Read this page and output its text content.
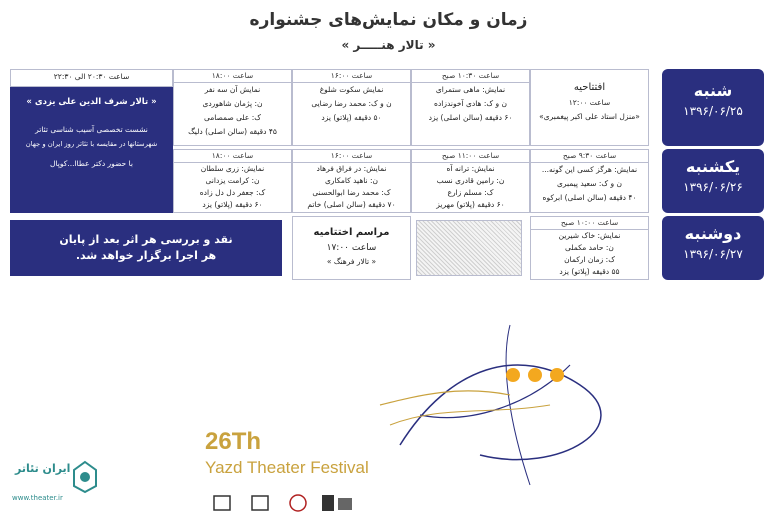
زمان و مکان نمایش‌های جشنواره
« تالار هنـــــر »
شنبه
۱۳۹۶/۰۶/۲۵
یکشنبه
۱۳۹۶/۰۶/۲۶
دوشنبه
۱۳۹۶/۰۶/۲۷
افتتاحیه
ساعت ۱۲:۰۰
«منزل استاد علی اکبر پیغمبری»
ساعت ۱۰:۳۰ صبح
نمایش: ماهی ستمرای
ن و ک: هادی آخوندزاده
۶۰ دقیقه (سالن اصلی) یزد
ساعت ۱۶:۰۰
نمایش سکوت شلوغ
ن و ک: محمد رضا رضایی
۵۰ دقیقه (پلاتو) یزد
ساعت ۱۸:۰۰
نمایش آن سه نفر
ن: پژمان شاهوردی
ک: علی صمصامی
۴۵ دقیقه (سالن اصلی) دلیگ
ساعت ۲۰:۳۰ الی ۲۲:۳۰
« تالار شرف الدین علی یزدی »
نشست تخصصی آسیب شناسی تئاتر
شهرستانها در مقایسه با تئاتر روز ایران و جهان
با حضور دکتر عطاا...کوپال
ساعت ۹:۳۰ صبح
نمایش: هرگز کسی این گونه...
ن و ک: سعید پیمبری
۴۰ دقیقه (سالن اصلی) ابرکوه
ساعت ۱۱:۰۰ صبح
نمایش: ترانه آه
ن: رامین قادری نسب
ک: مسلم زارع
۶۰ دقیقه (پلاتو) مهریز
ساعت ۱۶:۰۰
نمایش: در فراق فرهاد
ن: ناهید کامکاری
ک: محمد رضا ابوالحسنی
۷۰ دقیقه (سالن اصلی) خاتم
ساعت ۱۸:۰۰
نمایش: زری سلطان
ن: کرامت یزدانی
ک: جعفر دل دل زاده
۶۰ دقیقه (پلاتو) یزد
ساعت ۱۰:۰۰ صبح
نمایش: خاک شیرین
ن: حامد مکملی
ک: زمان ارکمان
۵۵ دقیقه (پلاتو) یزد
مراسم اختتامیه
ساعت ۱۷:۰۰
« تالار فرهنگ »
نقد و بررسی هر اثر بعد از پایان
هر اجرا برگزار خواهد شد.
26Th
Yazd Theater Festival
ایران تئاتر
www.theater.ir
